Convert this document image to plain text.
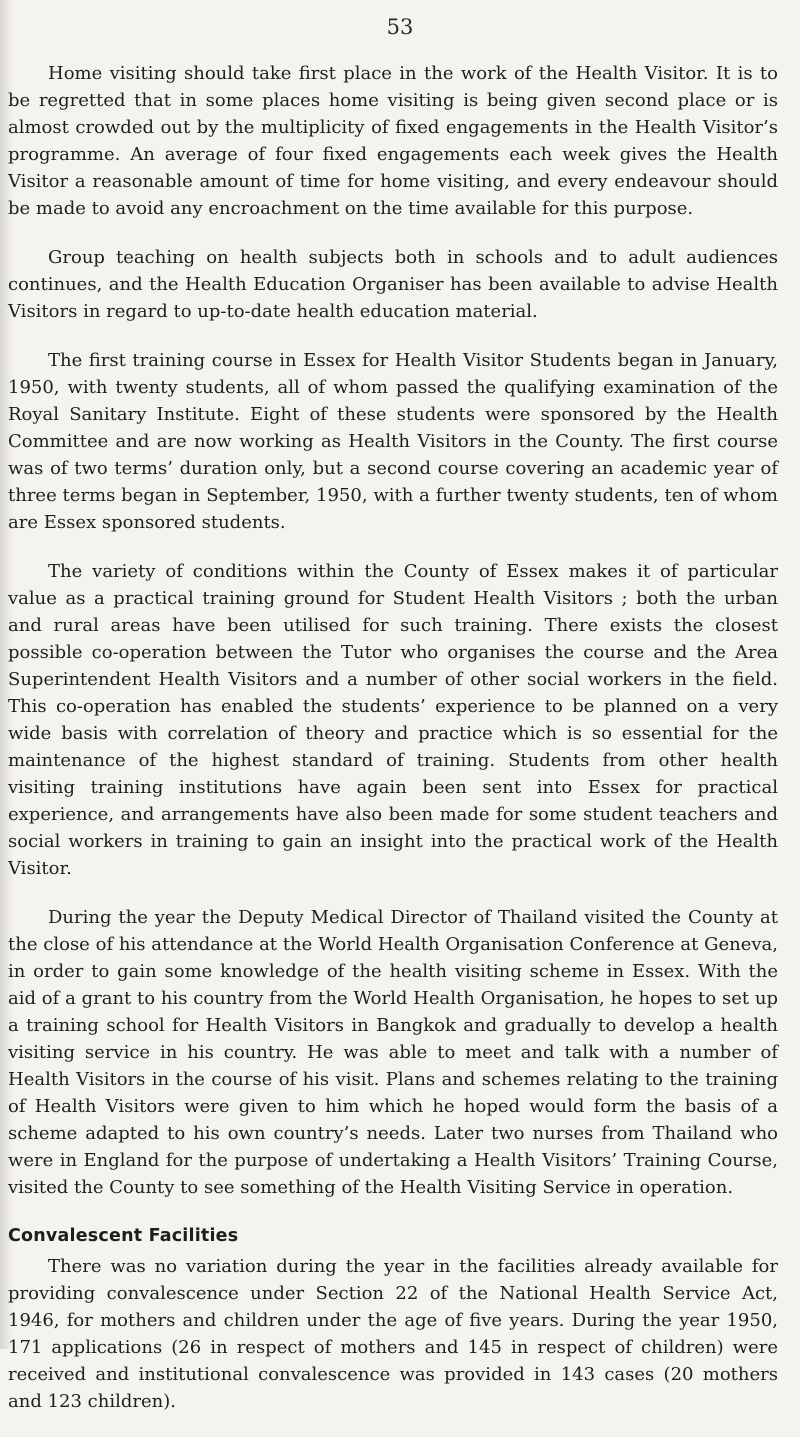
53

Home visiting should take first place in the work of the Health Visitor. It is to be regretted that in some places home visiting is being given second place or is almost crowded out by the multiplicity of fixed engagements in the Health Visitor’s programme. An average of four fixed engagements each week gives the Health Visitor a reasonable amount of time for home visiting, and every endeavour should be made to avoid any encroachment on the time available for this purpose.

Group teaching on health subjects both in schools and to adult audiences continues, and the Health Education Organiser has been available to advise Health Visitors in regard to up-to-date health education material.

The first training course in Essex for Health Visitor Students began in January, 1950, with twenty students, all of whom passed the qualifying examination of the Royal Sanitary Institute. Eight of these students were sponsored by the Health Committee and are now working as Health Visitors in the County. The first course was of two terms’ duration only, but a second course covering an academic year of three terms began in September, 1950, with a further twenty students, ten of whom are Essex sponsored students.

The variety of conditions within the County of Essex makes it of particular value as a practical training ground for Student Health Visitors ; both the urban and rural areas have been utilised for such training. There exists the closest possible co-operation between the Tutor who organises the course and the Area Superintendent Health Visitors and a number of other social workers in the field. This co-operation has enabled the students’ experience to be planned on a very wide basis with correlation of theory and practice which is so essential for the maintenance of the highest standard of training. Students from other health visiting training institutions have again been sent into Essex for practical experience, and arrangements have also been made for some student teachers and social workers in training to gain an insight into the practical work of the Health Visitor.

During the year the Deputy Medical Director of Thailand visited the County at the close of his attendance at the World Health Organisation Conference at Geneva, in order to gain some knowledge of the health visiting scheme in Essex. With the aid of a grant to his country from the World Health Organisation, he hopes to set up a training school for Health Visitors in Bangkok and gradually to develop a health visiting service in his country. He was able to meet and talk with a number of Health Visitors in the course of his visit. Plans and schemes relating to the training of Health Visitors were given to him which he hoped would form the basis of a scheme adapted to his own country’s needs. Later two nurses from Thailand who were in England for the purpose of undertaking a Health Visitors’ Training Course, visited the County to see something of the Health Visiting Service in operation.

Convalescent Facilities

There was no variation during the year in the facilities already available for providing convalescence under Section 22 of the National Health Service Act, 1946, for mothers and children under the age of five years. During the year 1950, 171 applications (26 in respect of mothers and 145 in respect of children) were received and institutional convalescence was provided in 143 cases (20 mothers and 123 children).
